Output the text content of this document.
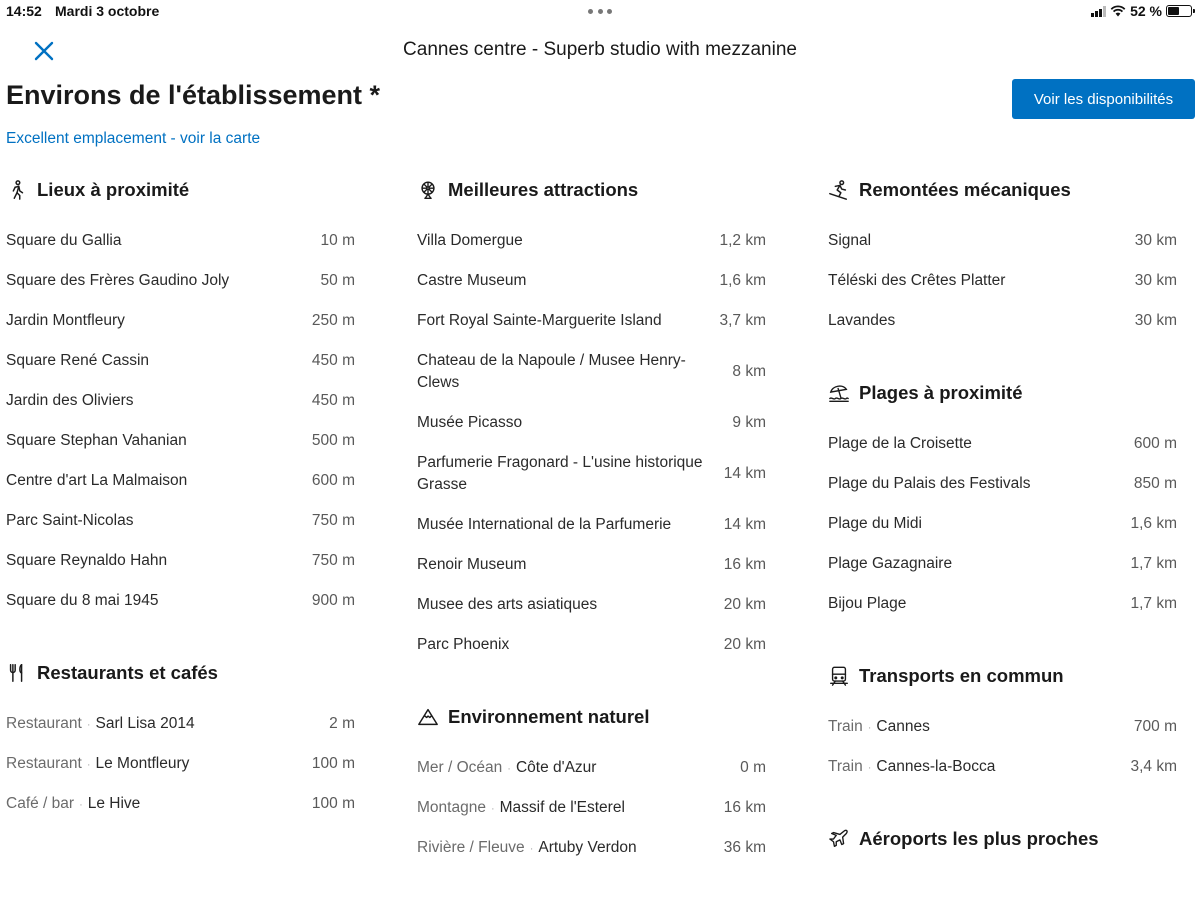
14:52 Mardi 3 octobre	52 %
Cannes centre - Superb studio with mezzanine
Environs de l'établissement *	Voir les disponibilités
Excellent emplacement - voir la carte
Lieux à proximité
Square du Gallia	10 m
Square des Frères Gaudino Joly	50 m
Jardin Montfleury	250 m
Square René Cassin	450 m
Jardin des Oliviers	450 m
Square Stephan Vahanian	500 m
Centre d'art La Malmaison	600 m
Parc Saint-Nicolas	750 m
Square Reynaldo Hahn	750 m
Square du 8 mai 1945	900 m
Restaurants et cafés
Restaurant · Sarl Lisa 2014	2 m
Restaurant · Le Montfleury	100 m
Café / bar · Le Hive	100 m
Meilleures attractions
Villa Domergue	1,2 km
Castre Museum	1,6 km
Fort Royal Sainte-Marguerite Island	3,7 km
Chateau de la Napoule / Musee Henry-Clews
8 km
Musée Picasso	9 km
Parfumerie Fragonard - L'usine historique Grasse
14 km
Musée International de la Parfumerie	14 km
Renoir Museum	16 km
Musee des arts asiatiques	20 km
Parc Phoenix	20 km
Environnement naturel
Mer / Océan · Côte d'Azur	0 m
Montagne · Massif de l'Esterel	16 km
Rivière / Fleuve · Artuby Verdon	36 km
Remontées mécaniques
Signal	30 km
Téléski des Crêtes Platter	30 km
Lavandes	30 km
Plages à proximité
Plage de la Croisette	600 m
Plage du Palais des Festivals	850 m
Plage du Midi	1,6 km
Plage Gazagnaire	1,7 km
Bijou Plage	1,7 km
Transports en commun
Train · Cannes	700 m
Train · Cannes-la-Bocca	3,4 km
Aéroports les plus proches
